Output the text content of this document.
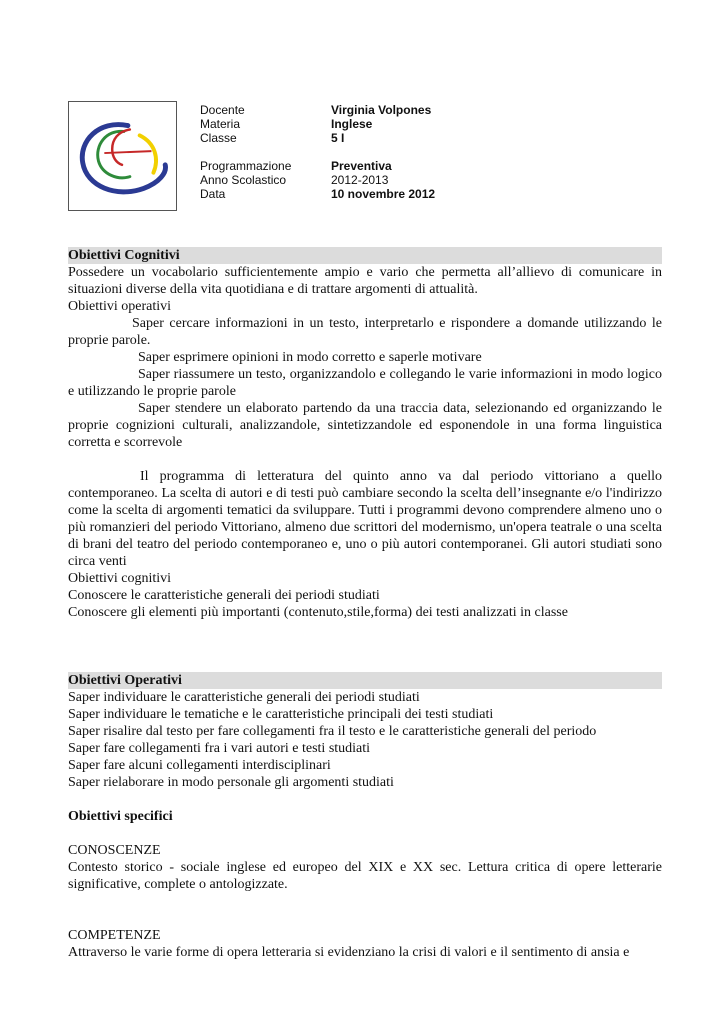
Docente	Virginia Volpones
Materia	Inglese
Classe	5 I
Programmazione	Preventiva
Anno Scolastico	2012-2013
Data	10 novembre 2012
Obiettivi Cognitivi

Possedere un vocabolario sufficientemente ampio e vario che permetta all’allievo di comunicare in situazioni diverse della vita quotidiana e di trattare argomenti di attualità.

Obiettivi operativi

Saper cercare informazioni in un testo, interpretarlo e rispondere a domande utilizzando le proprie parole.

Saper esprimere opinioni in modo corretto e saperle motivare

Saper riassumere un testo, organizzandolo e collegando le varie informazioni in modo logico e utilizzando le proprie parole

Saper stendere un elaborato partendo da una traccia data, selezionando ed organizzando le proprie cognizioni culturali, analizzandole, sintetizzandole ed esponendole in una forma linguistica corretta e scorrevole

Il programma di letteratura del quinto anno va dal periodo vittoriano a quello contemporaneo. La scelta di autori e di testi può cambiare secondo la scelta dell’insegnante e/o l'indirizzo come la scelta di argomenti tematici da sviluppare. Tutti i programmi devono comprendere almeno uno o più romanzieri del periodo Vittoriano, almeno due scrittori del modernismo, un'opera teatrale o una scelta di brani del teatro del periodo contemporaneo e, uno o più autori contemporanei. Gli autori studiati sono circa venti

Obiettivi cognitivi

Conoscere le caratteristiche generali dei periodi studiati

Conoscere gli elementi più importanti (contenuto,stile,forma) dei testi analizzati in classe

Obiettivi Operativi

Saper individuare le caratteristiche generali dei periodi studiati

Saper individuare le tematiche e le caratteristiche principali dei testi studiati

Saper risalire dal testo per fare collegamenti fra il testo e le caratteristiche generali del periodo

Saper fare collegamenti fra i vari autori e testi studiati

Saper fare alcuni collegamenti interdisciplinari

Saper rielaborare in modo personale gli argomenti studiati

Obiettivi specifici

CONOSCENZE

Contesto storico - sociale inglese ed europeo del XIX e XX sec. Lettura critica di opere letterarie significative, complete o antologizzate.

COMPETENZE

Attraverso le varie forme di opera letteraria si evidenziano la crisi di valori e il sentimento di ansia e
